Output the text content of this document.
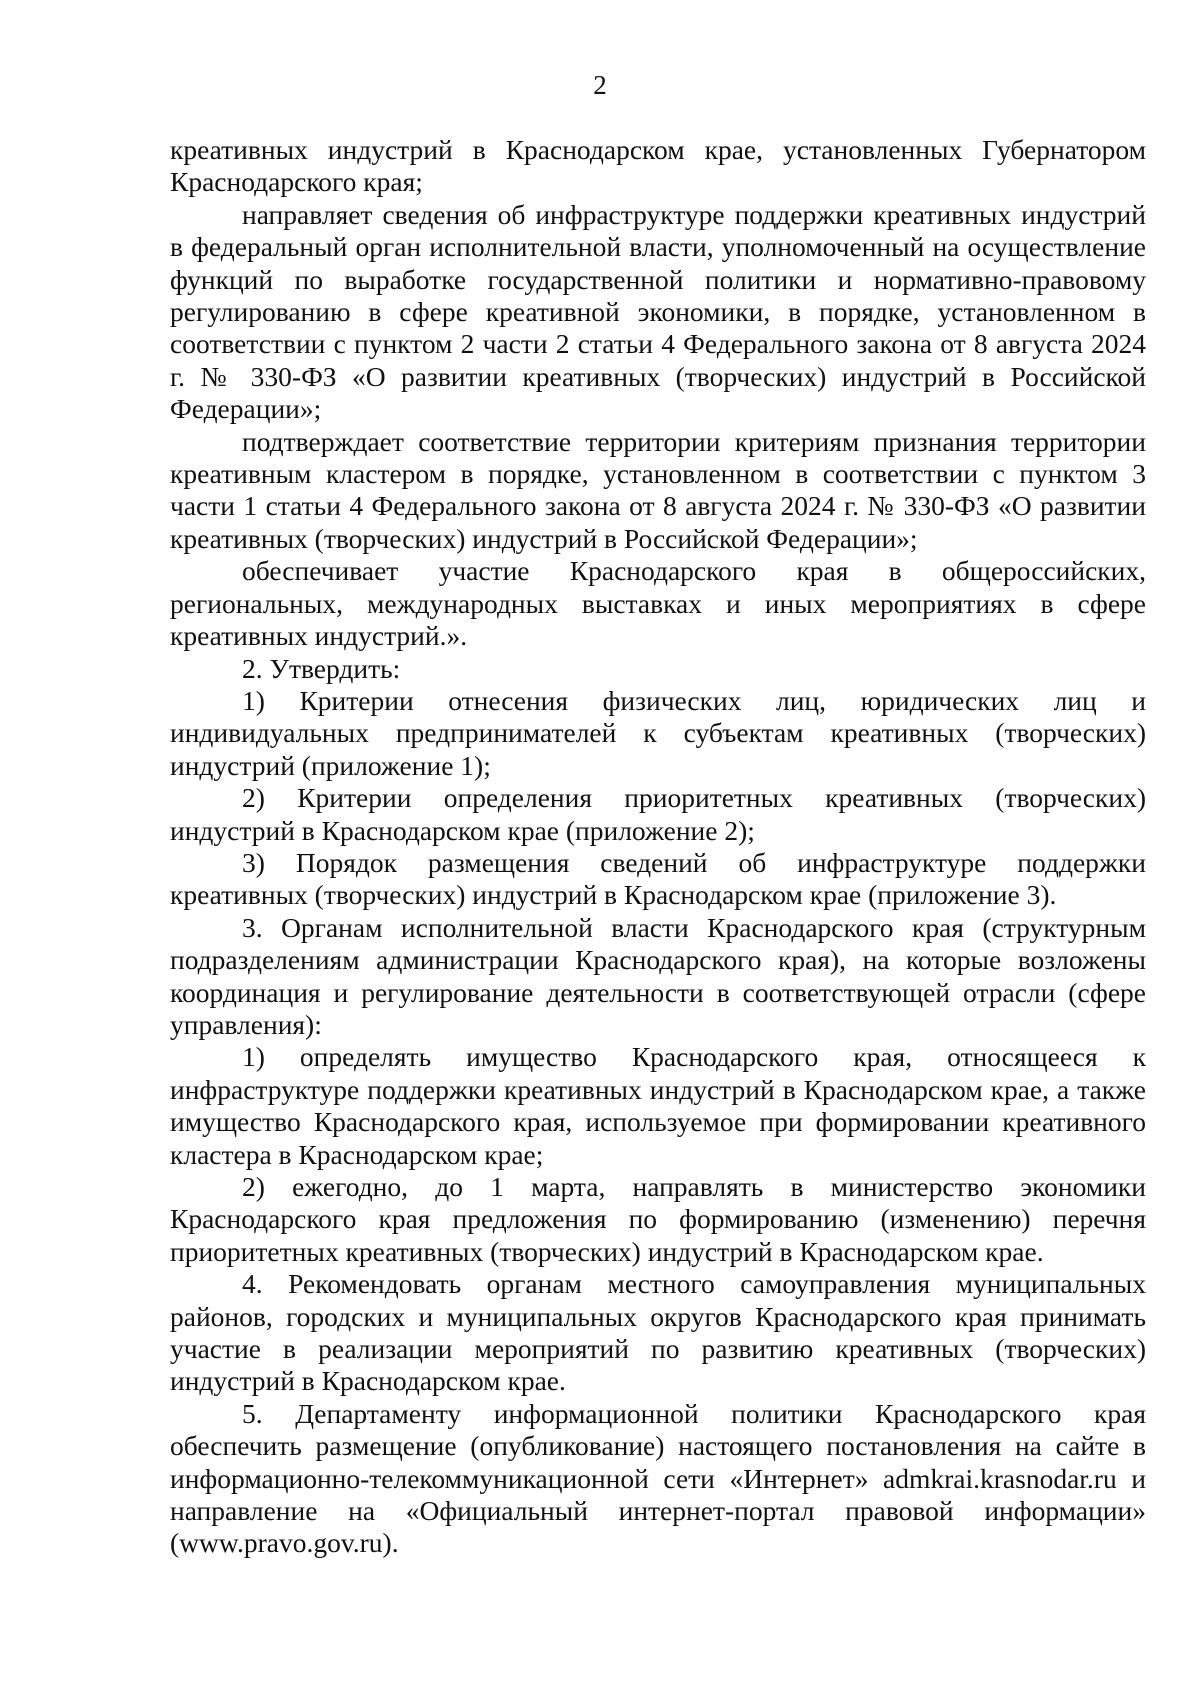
2

креативных индустрий в Краснодарском крае, установленных Губернатором Краснодарского края;

направляет сведения об инфраструктуре поддержки креативных индустрий в федеральный орган исполнительной власти, уполномоченный на осуществление функций по выработке государственной политики и нормативно-правовому регулированию в сфере креативной экономики, в порядке, установленном в соответствии с пунктом 2 части 2 статьи 4 Федерального закона от 8 августа 2024 г. № 330-ФЗ «О развитии креативных (творческих) индустрий в Российской Федерации»;

подтверждает соответствие территории критериям признания территории креативным кластером в порядке, установленном в соответствии с пунктом 3 части 1 статьи 4 Федерального закона от 8 августа 2024 г. № 330-ФЗ «О развитии креативных (творческих) индустрий в Российской Федерации»;

обеспечивает участие Краснодарского края в общероссийских, региональных, международных выставках и иных мероприятиях в сфере креативных индустрий.».

2. Утвердить:

1) Критерии отнесения физических лиц, юридических лиц и индивидуальных предпринимателей к субъектам креативных (творческих) индустрий (приложение 1);

2) Критерии определения приоритетных креативных (творческих) индустрий в Краснодарском крае (приложение 2);

3) Порядок размещения сведений об инфраструктуре поддержки креативных (творческих) индустрий в Краснодарском крае (приложение 3).

3. Органам исполнительной власти Краснодарского края (структурным подразделениям администрации Краснодарского края), на которые возложены координация и регулирование деятельности в соответствующей отрасли (сфере управления):

1) определять имущество Краснодарского края, относящееся к инфраструктуре поддержки креативных индустрий в Краснодарском крае, а также имущество Краснодарского края, используемое при формировании креативного кластера в Краснодарском крае;

2) ежегодно, до 1 марта, направлять в министерство экономики Краснодарского края предложения по формированию (изменению) перечня приоритетных креативных (творческих) индустрий в Краснодарском крае.

4. Рекомендовать органам местного самоуправления муниципальных районов, городских и муниципальных округов Краснодарского края принимать участие в реализации мероприятий по развитию креативных (творческих) индустрий в Краснодарском крае.

5. Департаменту информационной политики Краснодарского края обеспечить размещение (опубликование) настоящего постановления на сайте в информационно-телекоммуникационной сети «Интернет» admkrai.krasnodar.ru и направление на «Официальный интернет-портал правовой информации» (www.pravo.gov.ru).
